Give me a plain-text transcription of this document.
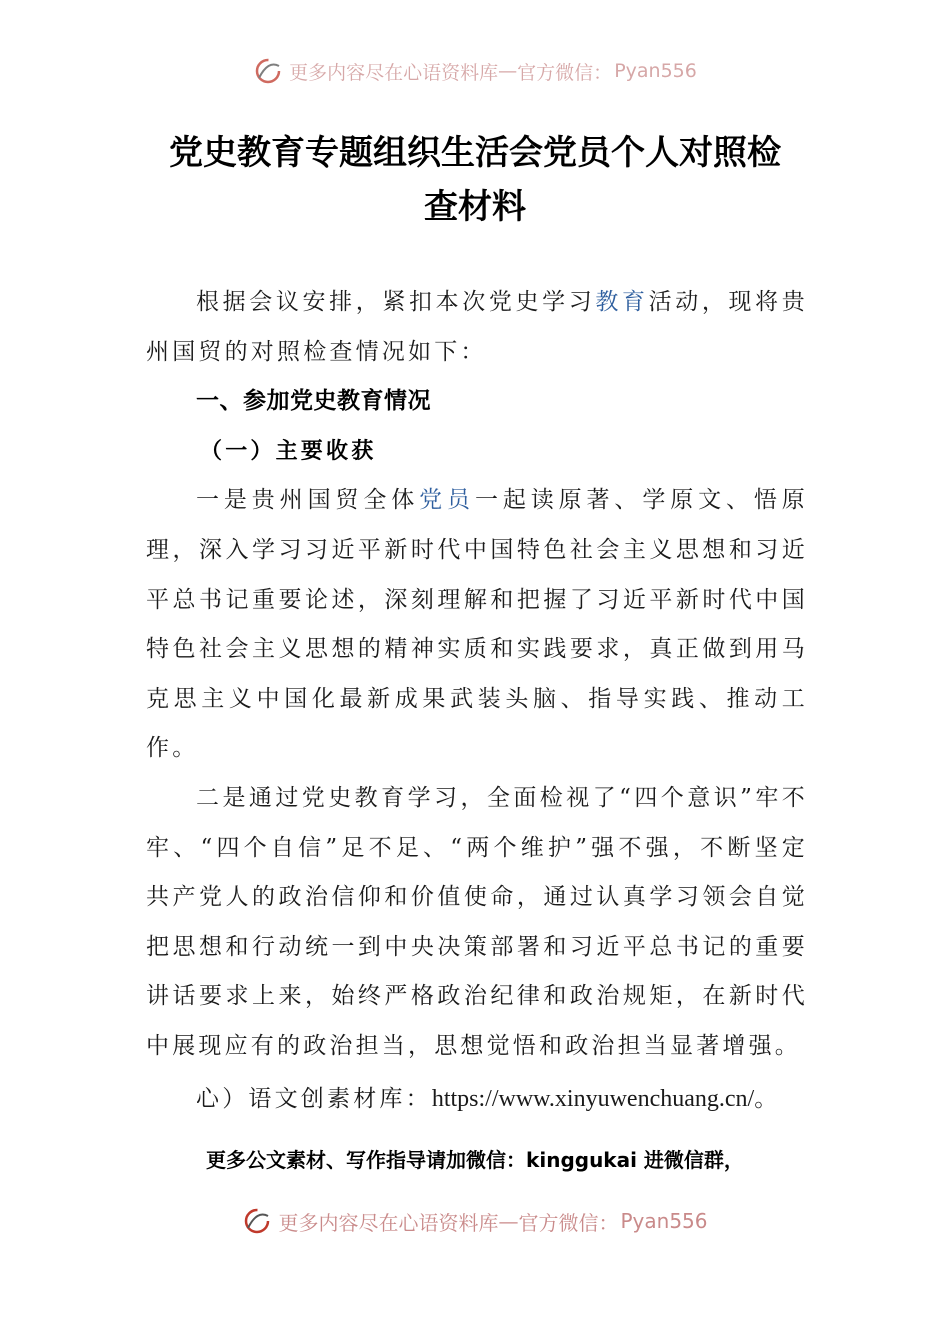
更多内容尽在心语资料库 — 官方微信： Pyan556
党史教育专题组织生活会党员个人对照检
查材料

根据会议安排，紧扣本次党史学习教育活动，现将贵州国贸的对照检查情况如下：

一、参加党史教育情况

（一）主要收获

一是贵州国贸全体党员一起读原著、学原文、悟原理，深入学习习近平新时代中国特色社会主义思想和习近平总书记重要论述，深刻理解和把握了习近平新时代中国特色社会主义思想的精神实质和实践要求，真正做到用马克思主义中国化最新成果武装头脑、指导实践、推动工作。

二是通过党史教育学习，全面检视了“四个意识”牢不牢、“四个自信”足不足、“两个维护”强不强，不断坚定共产党人的政治信仰和价值使命，通过认真学习领会自觉把思想和行动统一到中央决策部署和习近平总书记的重要讲话要求上来，始终严格政治纪律和政治规矩，在新时代中展现应有的政治担当，思想觉悟和政治担当显著增强。

心）语文创素材库：https://www.xinyuwenchuang.cn/。

更多公文素材、写作指导请加微信：kinggukai 进微信群，
更多内容尽在心语资料库 — 官方微信： Pyan556
